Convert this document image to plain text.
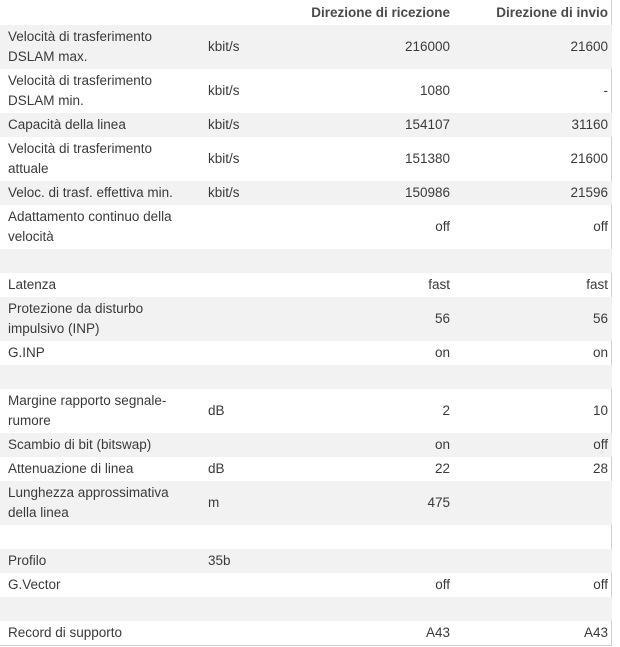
		Direzione di ricezione	Direzione di invio
Velocità di trasferimento DSLAM max.	kbit/s	216000	21600
Velocità di trasferimento DSLAM min.	kbit/s	1080	-
Capacità della linea	kbit/s	154107	31160
Velocità di trasferimento attuale	kbit/s	151380	21600
Veloc. di trasf. effettiva min.	kbit/s	150986	21596
Adattamento continuo della velocità		off	off

Latenza		fast	fast
Protezione da disturbo impulsivo (INP)		56	56
G.INP		on	on

Margine rapporto segnale-rumore	dB	2	10
Scambio di bit (bitswap)		on	off
Attenuazione di linea	dB	22	28
Lunghezza approssimativa della linea	m	475	

Profilo	35b		
G.Vector		off	off

Record di supporto		A43	A43
